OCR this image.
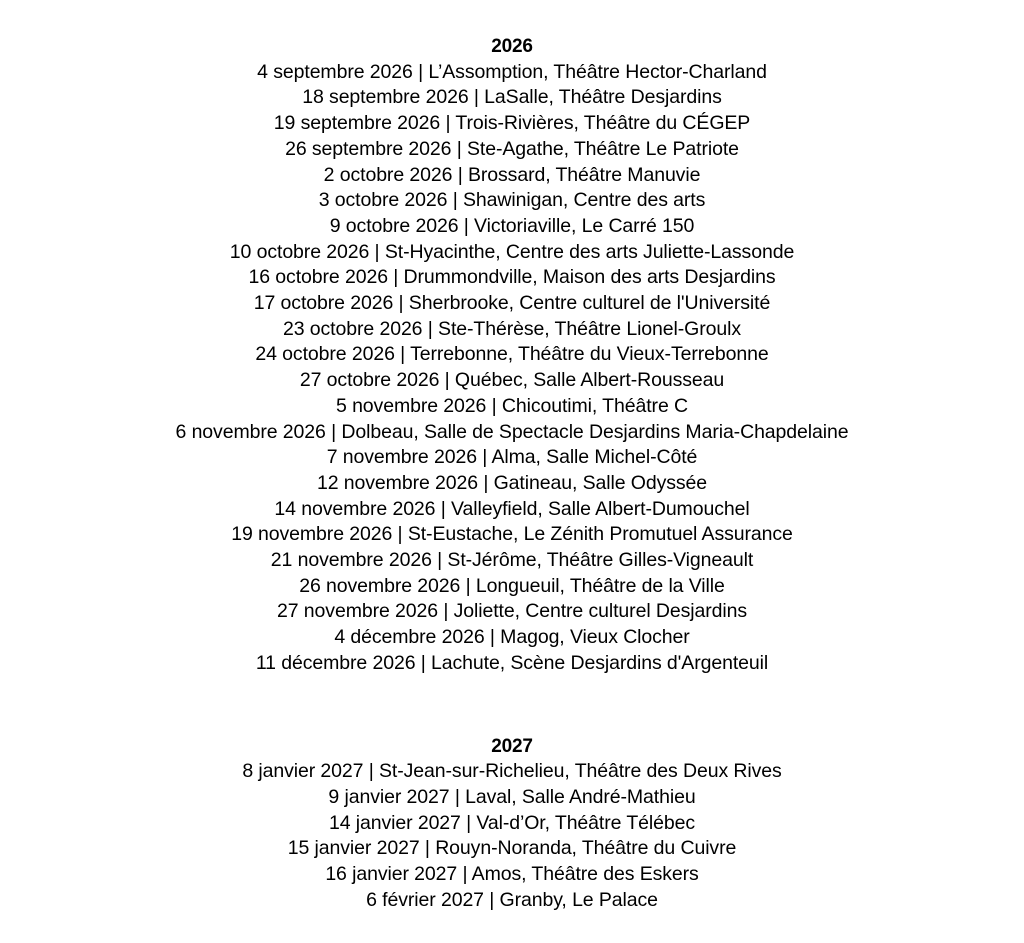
2026
4 septembre 2026 | L’Assomption, Théâtre Hector-Charland
18 septembre 2026 | LaSalle, Théâtre Desjardins
19 septembre 2026 | Trois-Rivières, Théâtre du CÉGEP
26 septembre 2026 | Ste-Agathe, Théâtre Le Patriote
2 octobre 2026 | Brossard, Théâtre Manuvie
3 octobre 2026 | Shawinigan, Centre des arts
9 octobre 2026 | Victoriaville, Le Carré 150
10 octobre 2026 | St-Hyacinthe, Centre des arts Juliette-Lassonde
16 octobre 2026 | Drummondville, Maison des arts Desjardins
17 octobre 2026 | Sherbrooke, Centre culturel de l'Université
23 octobre 2026 | Ste-Thérèse, Théâtre Lionel-Groulx
24 octobre 2026 | Terrebonne, Théâtre du Vieux-Terrebonne
27 octobre 2026 | Québec, Salle Albert-Rousseau
5 novembre 2026 | Chicoutimi, Théâtre C
6 novembre 2026 | Dolbeau, Salle de Spectacle Desjardins Maria-Chapdelaine
7 novembre 2026 | Alma, Salle Michel-Côté
12 novembre 2026 | Gatineau, Salle Odyssée
14 novembre 2026 | Valleyfield, Salle Albert-Dumouchel
19 novembre 2026 | St-Eustache, Le Zénith Promutuel Assurance
21 novembre 2026 | St-Jérôme, Théâtre Gilles-Vigneault
26 novembre 2026 | Longueuil, Théâtre de la Ville
27 novembre 2026 | Joliette, Centre culturel Desjardins
4 décembre 2026 | Magog, Vieux Clocher
11 décembre 2026 | Lachute, Scène Desjardins d'Argenteuil
2027
8 janvier 2027 | St-Jean-sur-Richelieu, Théâtre des Deux Rives
9 janvier 2027 | Laval, Salle André-Mathieu
14 janvier 2027 | Val-d’Or, Théâtre Télébec
15 janvier 2027 | Rouyn-Noranda, Théâtre du Cuivre
16 janvier 2027 | Amos, Théâtre des Eskers
6 février 2027 | Granby, Le Palace
